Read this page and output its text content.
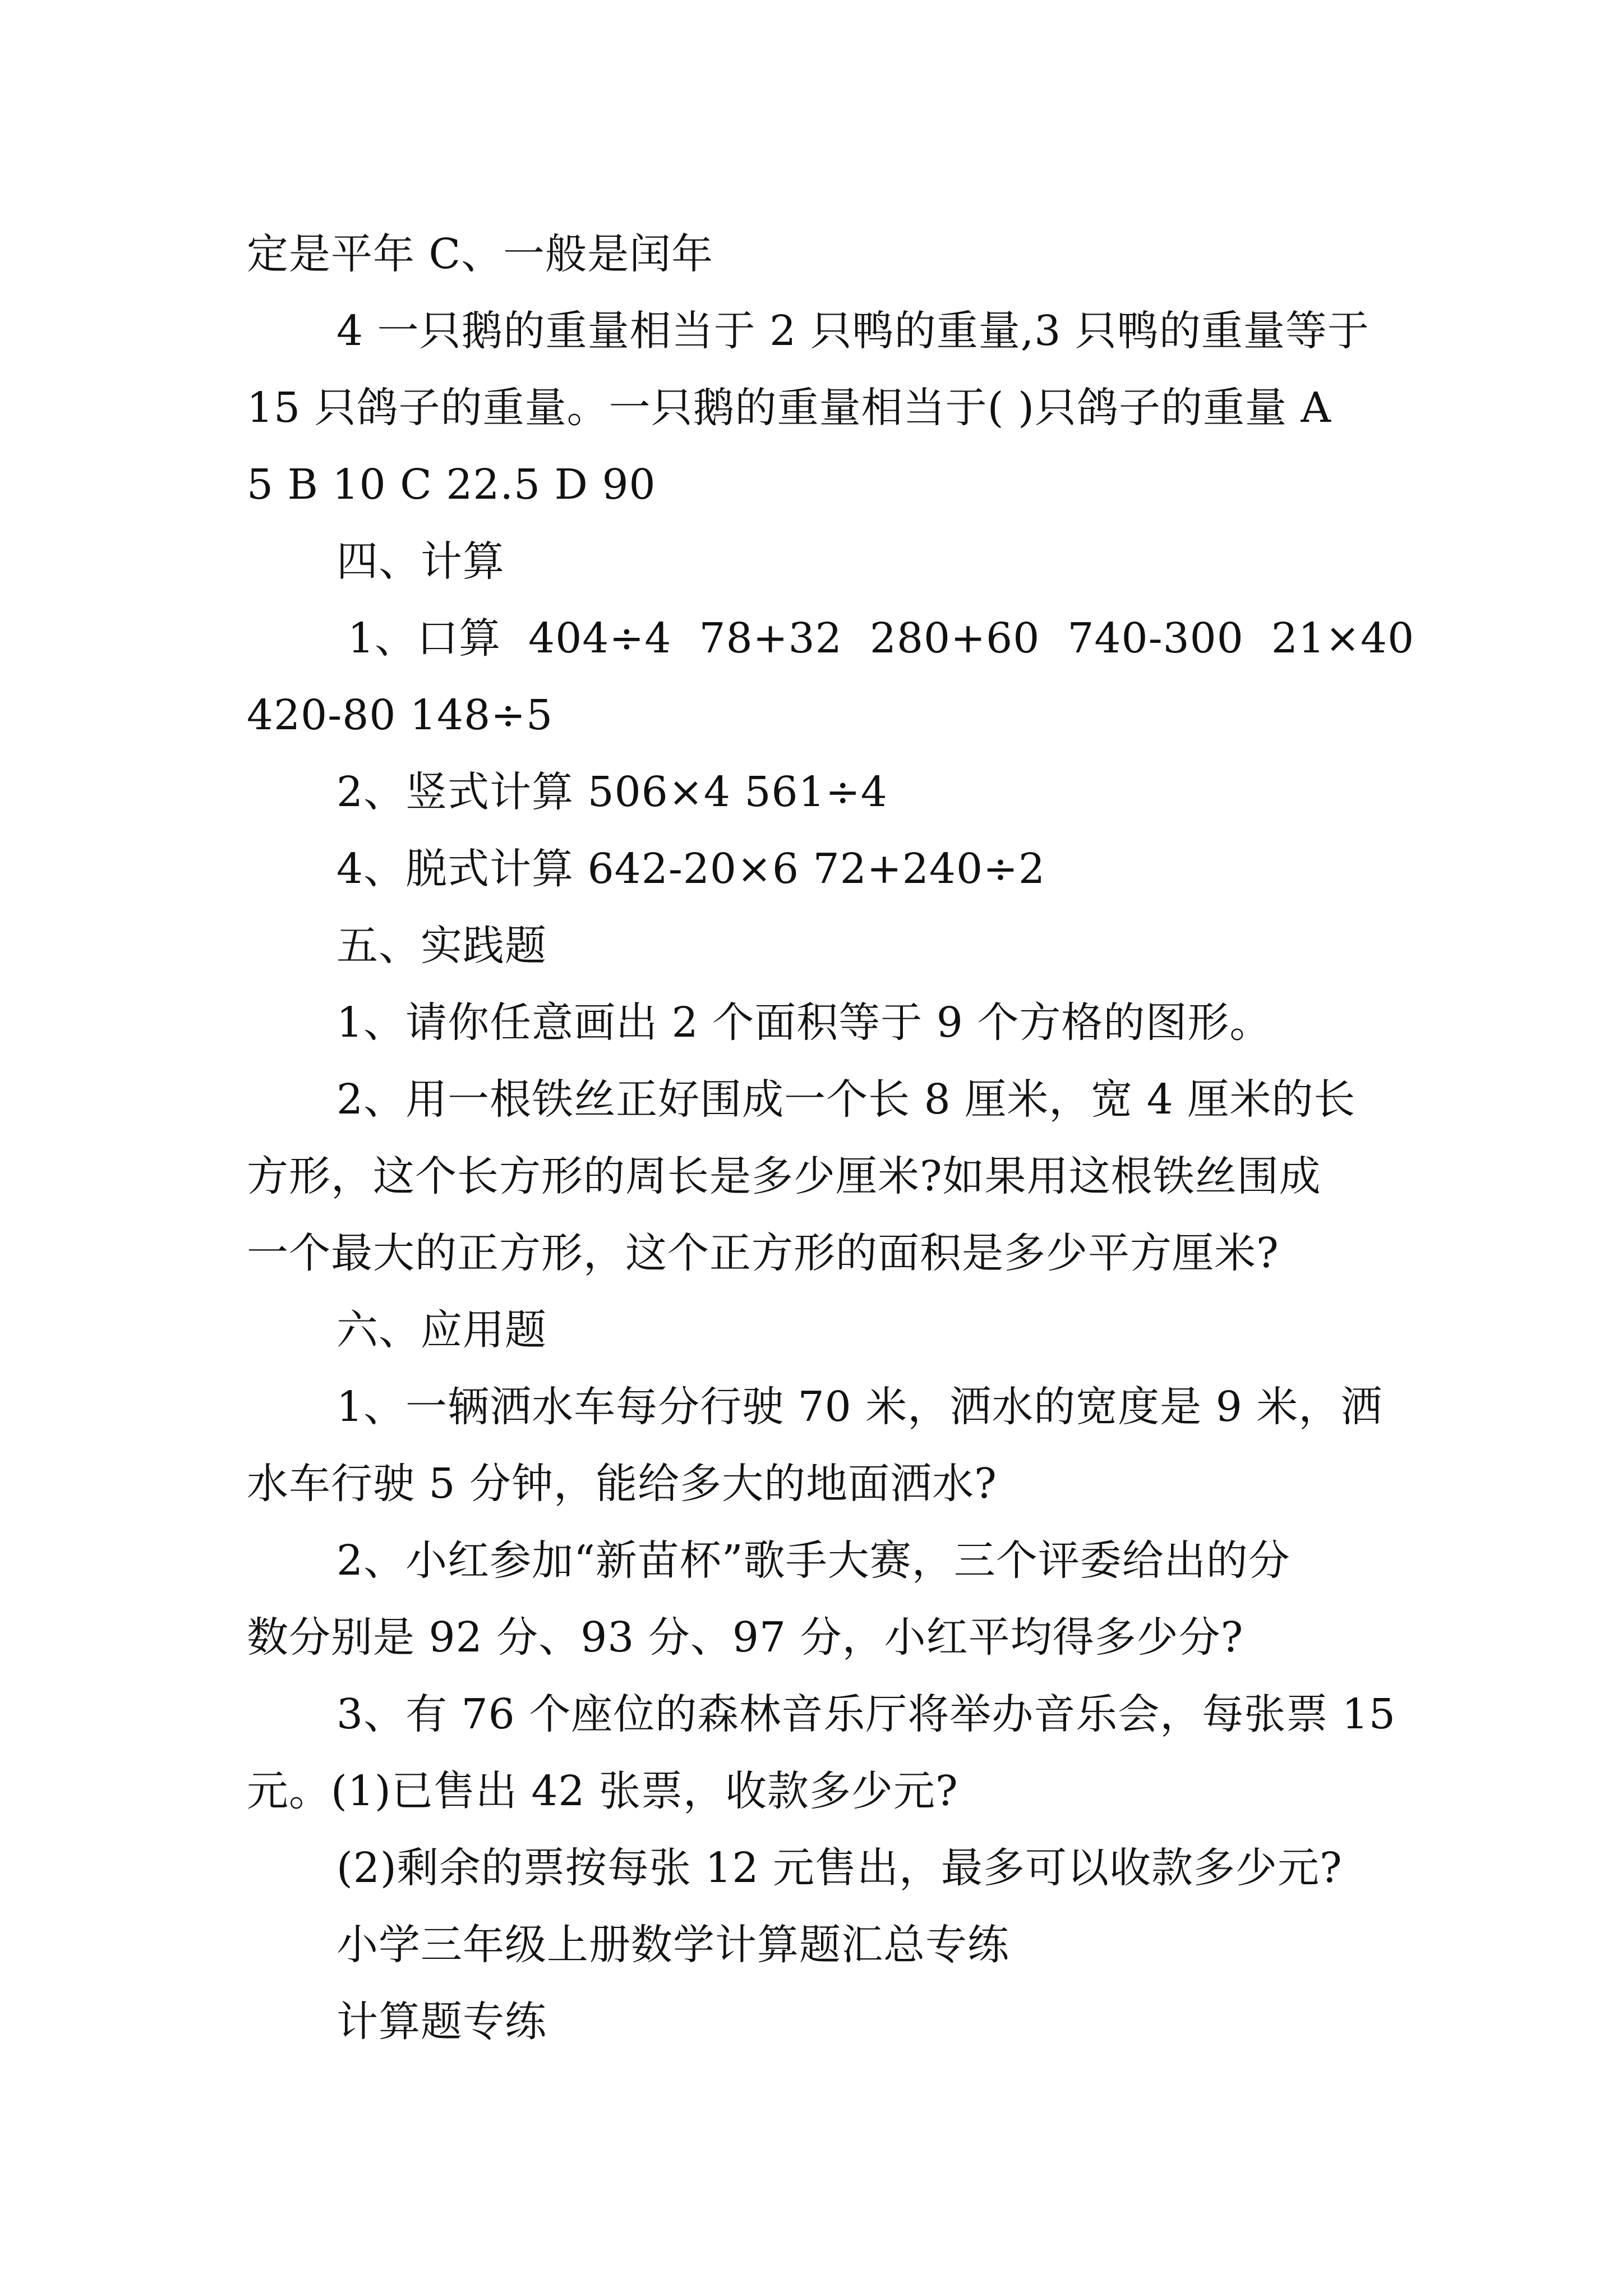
定是平年 C、一般是闰年
4 一只鹅的重量相当于 2 只鸭的重量,3 只鸭的重量等于
15 只鸽子的重量。一只鹅的重量相当于( )只鸽子的重量 A
5 B 10 C 22.5 D 90
四、计算
1、口算  404÷4  78+32  280+60  740-300  21×40
420-80 148÷5
2、竖式计算 506×4 561÷4
4、脱式计算 642-20×6 72+240÷2
五、实践题
1、请你任意画出 2 个面积等于 9 个方格的图形。
2、用一根铁丝正好围成一个长 8 厘米，宽 4 厘米的长
方形，这个长方形的周长是多少厘米?如果用这根铁丝围成
一个最大的正方形，这个正方形的面积是多少平方厘米?
六、应用题
1、一辆洒水车每分行驶 70 米，洒水的宽度是 9 米，洒
水车行驶 5 分钟，能给多大的地面洒水?
2、小红参加“新苗杯”歌手大赛，三个评委给出的分
数分别是 92 分、93 分、97 分，小红平均得多少分?
3、有 76 个座位的森林音乐厅将举办音乐会，每张票 15
元。(1)已售出 42 张票，收款多少元?
(2)剩余的票按每张 12 元售出，最多可以收款多少元?
小学三年级上册数学计算题汇总专练
计算题专练
